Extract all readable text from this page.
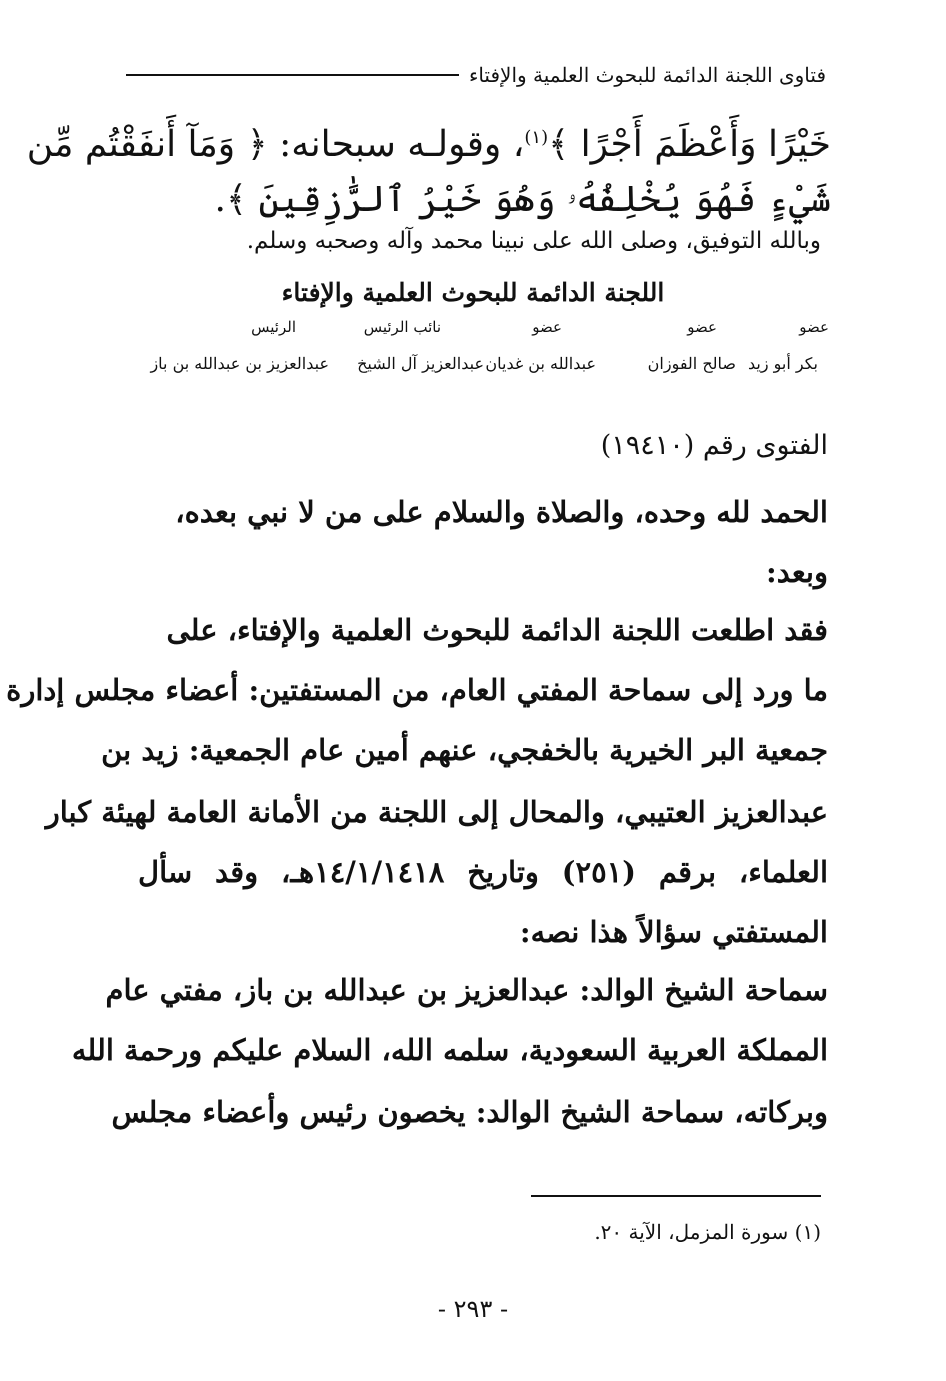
فتاوى اللجنة الدائمة للبحوث العلمية والإفتاء
خَيْرًا وَأَعْظَمَ أَجْرًا ﴾$^{(١)}$، وقولـه سبحانه: ﴿ وَمَآ أَنفَقْتُم مِّن
شَيْءٍ فَهُوَ يُخْلِفُهُۥ وَهُوَ خَيْرُ ٱلرَّٰزِقِينَ ﴾.
وبالله التوفيق، وصلى الله على نبينا محمد وآله وصحبه وسلم.
اللجنة الدائمة للبحوث العلمية والإفتاء
عضو
بكر أبو زيد
عضو
صالح الفوزان
عضو
عبدالله بن غديان
نائب الرئيس
عبدالعزيز آل الشيخ
الرئيس
عبدالعزيز بن عبدالله بن باز
الفتوى رقم (١٩٤١٠)
الحمد لله وحده، والصلاة والسلام على من لا نبي بعده،
وبعد:
فقد اطلعت اللجنة الدائمة للبحوث العلمية والإفتاء، على
ما ورد إلى سماحة المفتي العام، من المستفتين: أعضاء مجلس إدارة
جمعية البر الخيرية بالخفجي، عنهم أمين عام الجمعية: زيد بن
عبدالعزيز العتيبي، والمحال إلى اللجنة من الأمانة العامة لهيئة كبار
العلماء، برقم (٢٥١) وتاريخ ١٤/١/١٤١٨هـ، وقد سأل
المستفتي سؤالاً هذا نصه:
سماحة الشيخ الوالد: عبدالعزيز بن عبدالله بن باز، مفتي عام
المملكة العربية السعودية، سلمه الله، السلام عليكم ورحمة الله
وبركاته، سماحة الشيخ الوالد: يخصون رئيس وأعضاء مجلس
(١) سورة المزمل، الآية ٢٠.
- ٢٩٣ -
